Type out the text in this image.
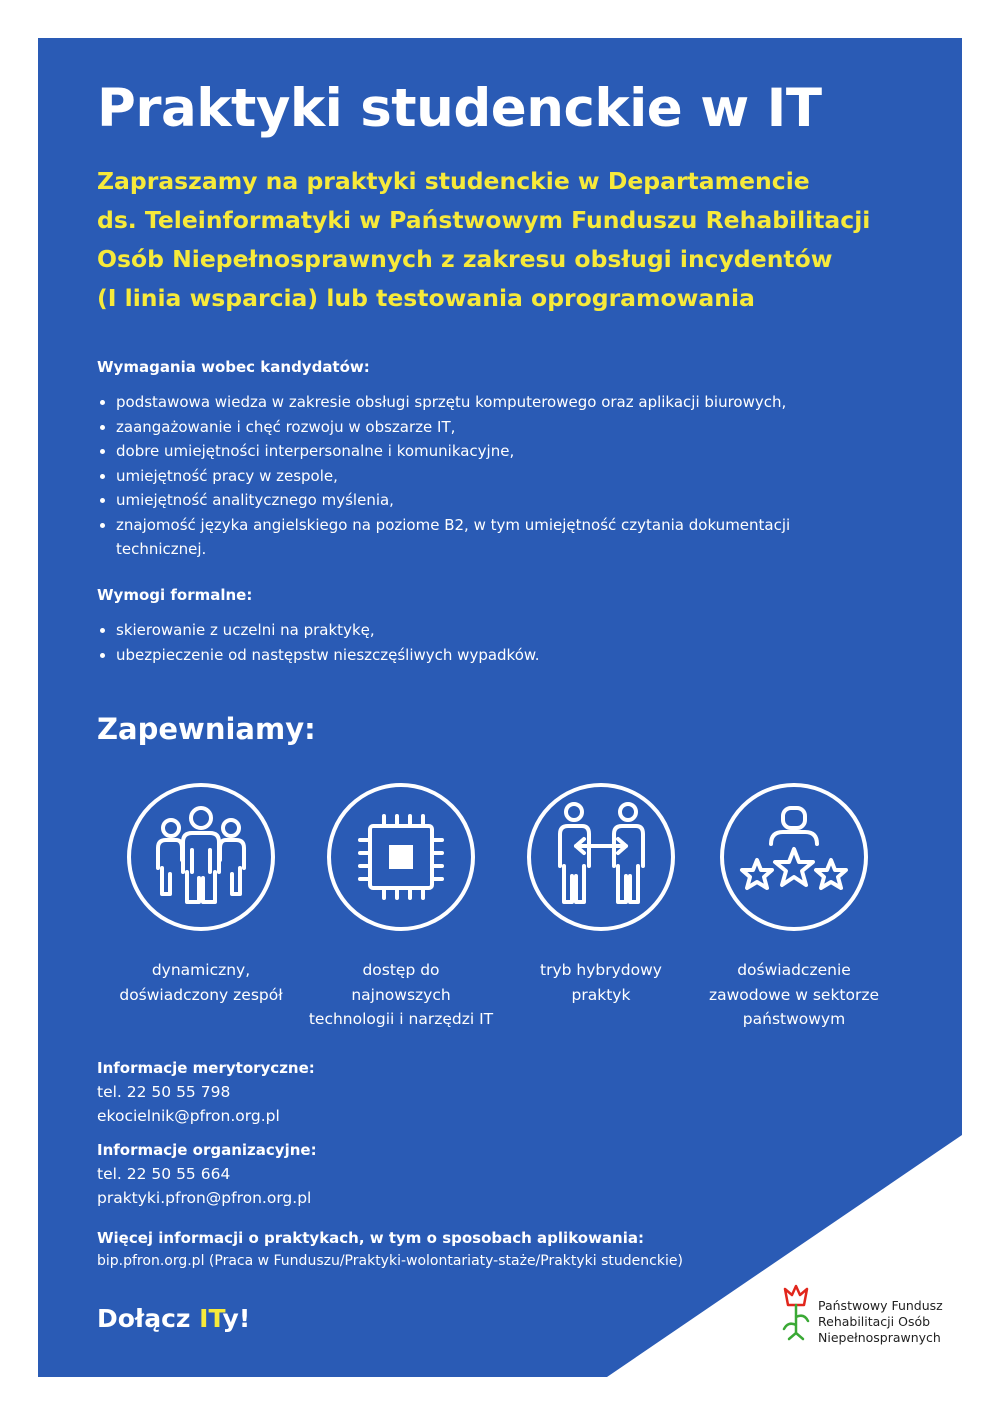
Praktyki studenckie w IT
Zapraszamy na praktyki studenckie w Departamencie
ds. Teleinformatyki w Państwowym Funduszu Rehabilitacji
Osób Niepełnosprawnych z zakresu obsługi incydentów
(I linia wsparcia) lub testowania oprogramowania
Wymagania wobec kandydatów:
podstawowa wiedza w zakresie obsługi sprzętu komputerowego oraz aplikacji biurowych,
zaangażowanie i chęć rozwoju w obszarze IT,
dobre umiejętności interpersonalne i komunikacyjne,
umiejętność pracy w zespole,
umiejętność analitycznego myślenia,
znajomość języka angielskiego na poziome B2, w tym umiejętność czytania dokumentacji technicznej.
Wymogi formalne:
skierowanie z uczelni na praktykę,
ubezpieczenie od następstw nieszczęśliwych wypadków.
Zapewniamy:
dynamiczny,
doświadczony zespół
dostęp do
najnowszych
technologii i narzędzi IT
tryb hybrydowy
praktyk
doświadczenie
zawodowe w sektorze
państwowym
Informacje merytoryczne:
tel. 22 50 55 798
ekocielnik@pfron.org.pl
Informacje organizacyjne:
tel. 22 50 55 664
praktyki.pfron@pfron.org.pl
Więcej informacji o praktykach, w tym o sposobach aplikowania:
bip.pfron.org.pl (Praca w Funduszu/Praktyki-wolontariaty-staże/Praktyki studenckie)
Dołącz ITy!	Państwowy Fundusz
Rehabilitacji Osób
Niepełnosprawnych
